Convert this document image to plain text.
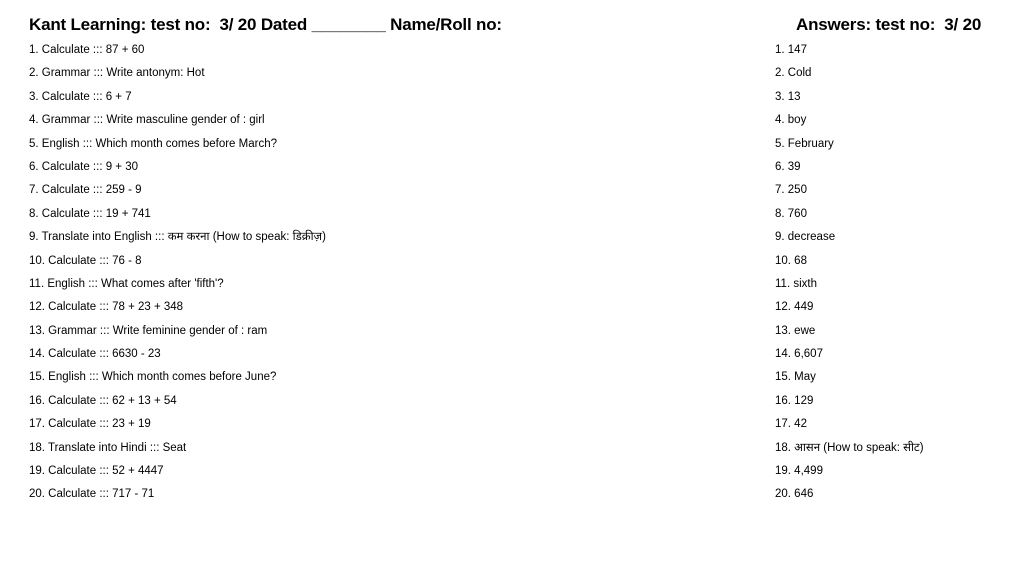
Kant Learning: test no:  3/ 20 Dated ________ Name/Roll no:	Answers: test no:  3/ 20
1. Calculate ::: 87 + 60
2. Grammar ::: Write antonym: Hot
3. Calculate ::: 6 + 7
4. Grammar ::: Write masculine gender of : girl
5. English ::: Which month comes before March?
6. Calculate ::: 9 + 30
7. Calculate ::: 259 - 9
8. Calculate ::: 19 + 741
9. Translate into English ::: कम करना (How to speak: डिक्रीज़)
10. Calculate ::: 76 - 8
11. English ::: What comes after 'fifth'?
12. Calculate ::: 78 + 23 + 348
13. Grammar ::: Write feminine gender of : ram
14. Calculate ::: 6630 - 23
15. English ::: Which month comes before June?
16. Calculate ::: 62 + 13 + 54
17. Calculate ::: 23 + 19
18. Translate into Hindi ::: Seat
19. Calculate ::: 52 + 4447
20. Calculate ::: 717 - 71
1. 147
2. Cold
3. 13
4. boy
5. February
6. 39
7. 250
8. 760
9. decrease
10. 68
11. sixth
12. 449
13. ewe
14. 6,607
15. May
16. 129
17. 42
18. आसन (How to speak: सीट)
19. 4,499
20. 646
